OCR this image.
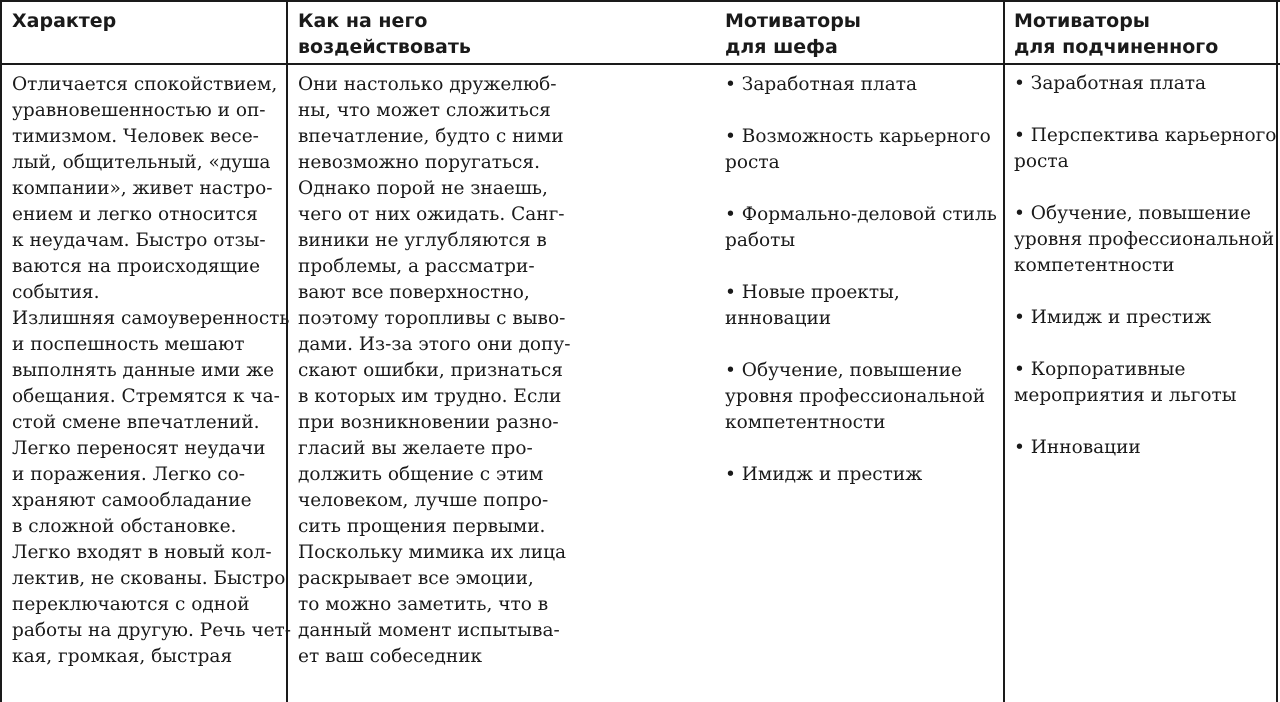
Характер	Как на него
воздействовать
Мотиваторы
для шефа
Мотиваторы
для подчиненного
Отличается спокойствием,
уравновешенностью и оп-
тимизмом. Человек весе-
лый, общительный, «душа
компании», живет настро-
ением и легко относится
к неудачам. Быстро отзы-
ваются на происходящие
события.
Излишняя самоуверенность
и поспешность мешают
выполнять данные ими же
обещания. Стремятся к ча-
стой смене впечатлений.
Легко переносят неудачи
и поражения. Легко со-
храняют самообладание
в сложной обстановке.
Легко входят в новый кол-
лектив, не скованы. Быстро
переключаются с одной
работы на другую. Речь чет-
кая, громкая, быстрая
Они настолько дружелюб-
ны, что может сложиться
впечатление, будто с ними
невозможно поругаться.
Однако порой не знаешь,
чего от них ожидать. Санг-
виники не углубляются в
проблемы, а рассматри-
вают все поверхностно,
поэтому торопливы с выво-
дами. Из-за этого они допу-
скают ошибки, признаться
в которых им трудно. Если
при возникновении разно-
гласий вы желаете про-
должить общение с этим
человеком, лучше попро-
сить прощения первыми.
Поскольку мимика их лица
раскрывает все эмоции,
то можно заметить, что в
данный момент испытыва-
ет ваш собеседник
• Заработная плата
• Возможность карьерного
роста
• Формально-деловой стиль
работы
• Новые проекты,
инновации
• Обучение, повышение
уровня профессиональной
компетентности
• Имидж и престиж
• Заработная плата
• Перспектива карьерного
роста
• Обучение, повышение
уровня профессиональной
компетентности
• Имидж и престиж
• Корпоративные
мероприятия и льготы
• Инновации
